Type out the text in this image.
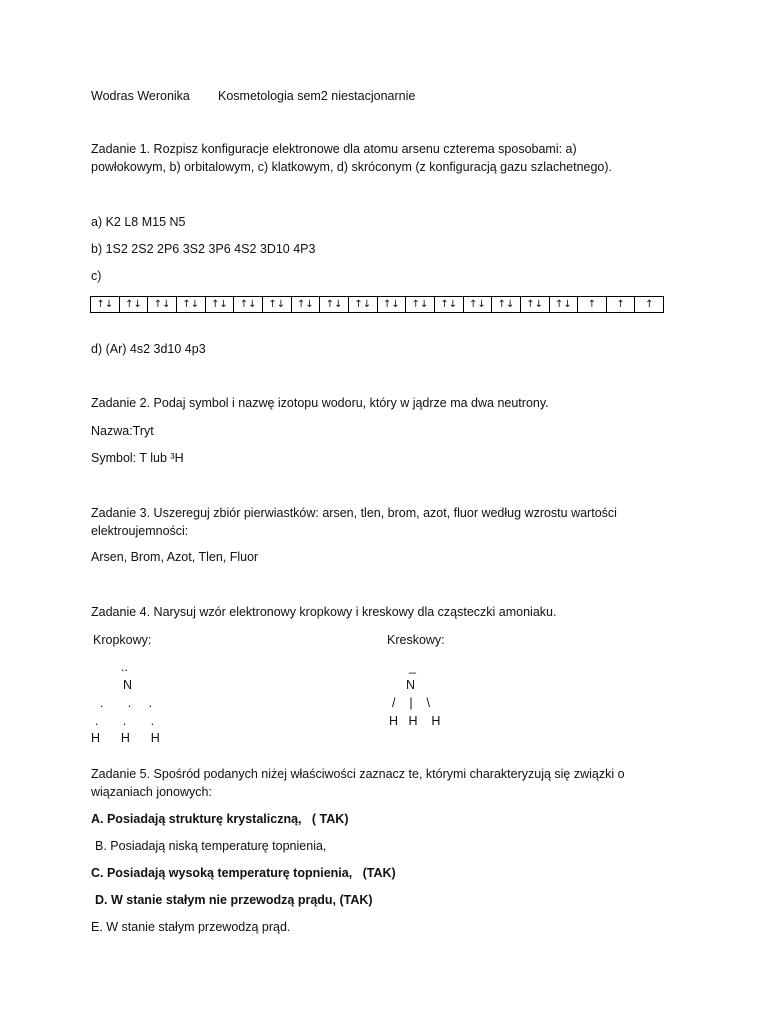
Wodras Weronika Kosmetologia sem2 niestacjonarnie
Zadanie 1. Rozpisz konfiguracje elektronowe dla atomu arsenu czterema sposobami: a)
powłokowym, b) orbitalowym, c) klatkowym, d) skróconym (z konfiguracją gazu szlachetnego).
a) K2 L8 M15 N5
b) 1S2 2S2 2P6 3S2 3P6 4S2 3D10 4P3
c)
↑↓	↑↓	↑↓	↑↓	↑↓	↑↓	↑↓	↑↓	↑↓	↑↓	↑↓	↑↓	↑↓	↑↓	↑↓	↑↓	↑↓	↑	↑	↑
d) (Ar) 4s2 3d10 4p3
Zadanie 2. Podaj symbol i nazwę izotopu wodoru, który w jądrze ma dwa neutrony.
Nazwa:Tryt
Symbol: T lub ³H
Zadanie 3. Uszereguj zbiór pierwiastków: arsen, tlen, brom, azot, fluor według wzrostu wartości
elektroujemności:
Arsen, Brom, Azot, Tlen, Fluor
Zadanie 4. Narysuj wzór elektronowy kropkowy i kreskowy dla cząsteczki amoniaku.
Kropkowy:	Kreskowy:
..
N
.       .     .
.       .       .
H      H      H
_
N
/    |    \
H   H    H
Zadanie 5. Spośród podanych niżej właściwości zaznacz te, którymi charakteryzują się związki o
wiązaniach jonowych:
A. Posiadają strukturę krystaliczną,   ( TAK)
B. Posiadają niską temperaturę topnienia,
C. Posiadają wysoką temperaturę topnienia,   (TAK)
D. W stanie stałym nie przewodzą prądu, (TAK)
E. W stanie stałym przewodzą prąd.
